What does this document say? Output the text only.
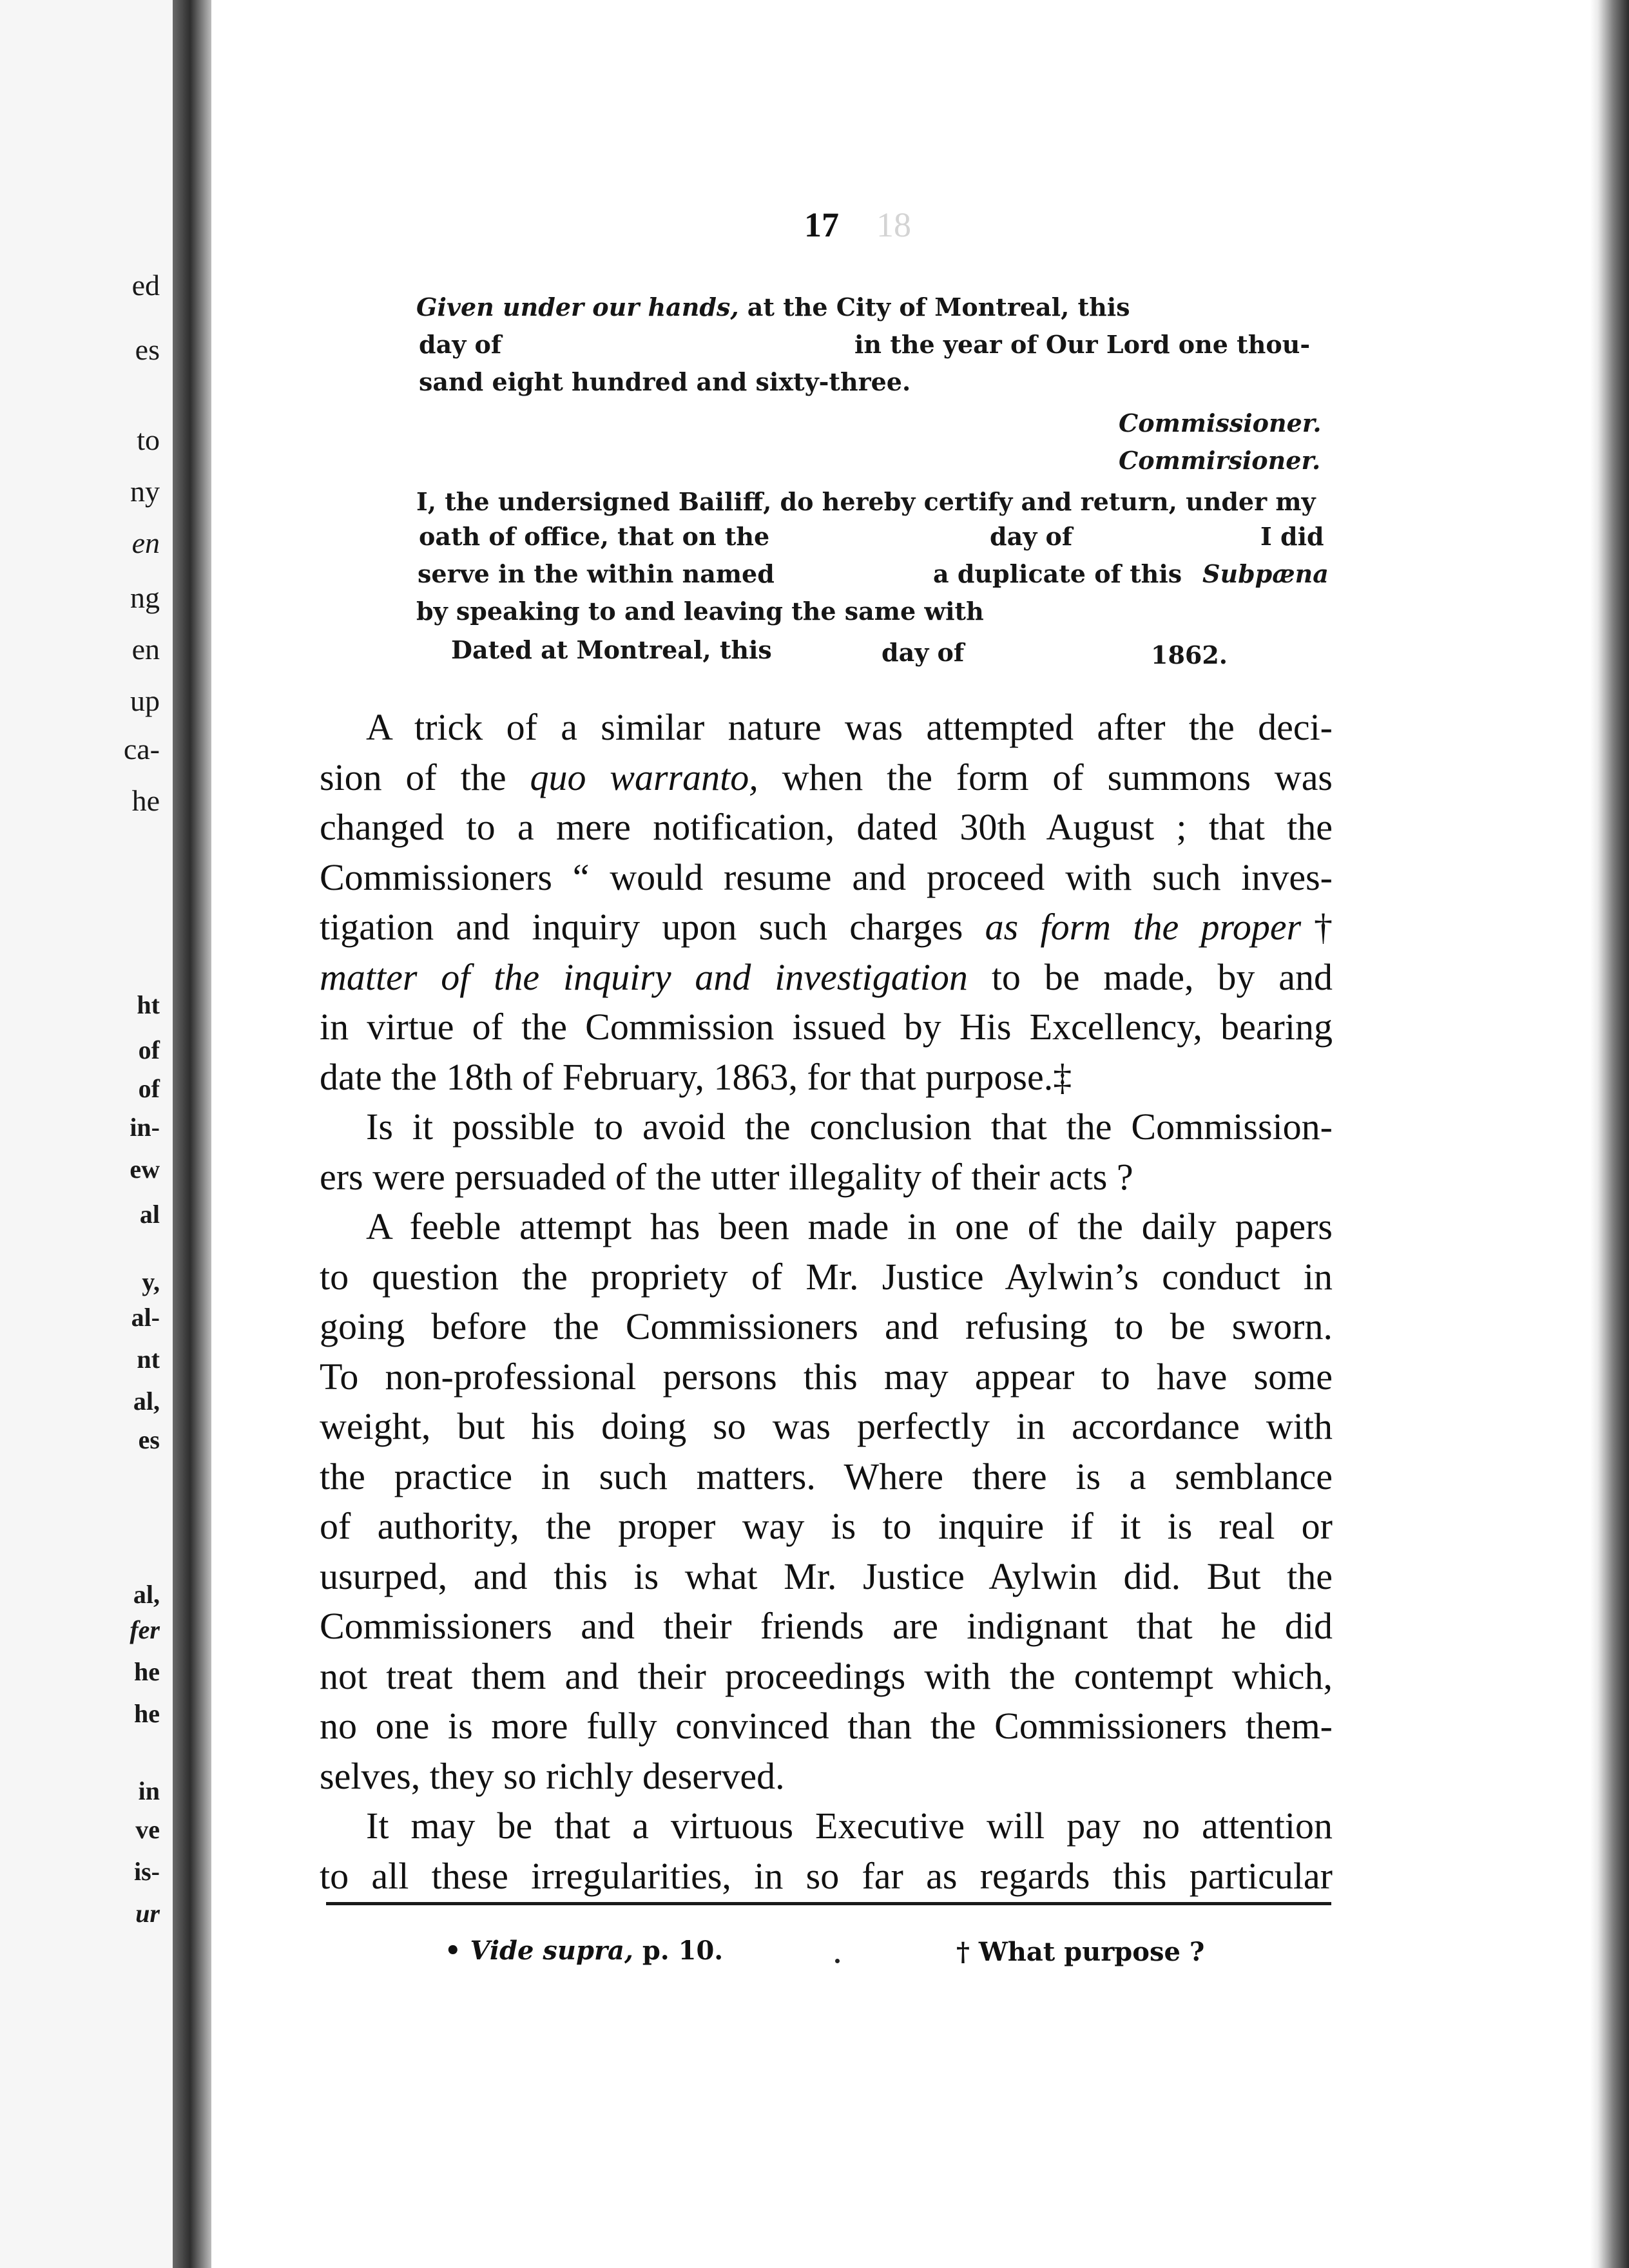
ed
es
to
ny
en
ng
en
up
ca-
he
ht
of
of
in-
ew
al
y,
al-
nt
al,
es
al,
fer
he
he
in
ve
is-
ur
17 18
Given under our hands, at the City of Montreal, this
day of	in the year of Our Lord one thou-
sand eight hundred and sixty-three.
Commissioner.
Commirsioner.
I, the undersigned Bailiff, do hereby certify and return, under my
oath of office, that on the	day of	I did
serve in the within named	a duplicate of this Subpæna
by speaking to and leaving the same with
Dated at Montreal, this	day of	1862.
A trick of a similar nature was attempted after the deci-
sion of the quo warranto, when the form of summons was
changed to a mere notification, dated 30th August ; that the
Commissioners “ would resume and proceed with such inves-
tigation and inquiry upon such charges as form the proper†
matter of the inquiry and investigation to be made, by and
in virtue of the Commission issued by His Excellency, bearing
date the 18th of February, 1863, for that purpose.‡
Is it possible to avoid the conclusion that the Commission-
ers were persuaded of the utter illegality of their acts ?
A feeble attempt has been made in one of the daily papers
to question the propriety of Mr. Justice Aylwin’s conduct in
going before the Commissioners and refusing to be sworn.
To non-professional persons this may appear to have some
weight, but his doing so was perfectly in accordance with
the practice in such matters. Where there is a semblance
of authority, the proper way is to inquire if it is real or
usurped, and this is what Mr. Justice Aylwin did. But the
Commissioners and their friends are indignant that he did
not treat them and their proceedings with the contempt which,
no one is more fully convinced than the Commissioners them-
selves, they so richly deserved.
It may be that a virtuous Executive will pay no attention
to all these irregularities, in so far as regards this particular
• Vide supra, p. 10.	† What purpose ?
